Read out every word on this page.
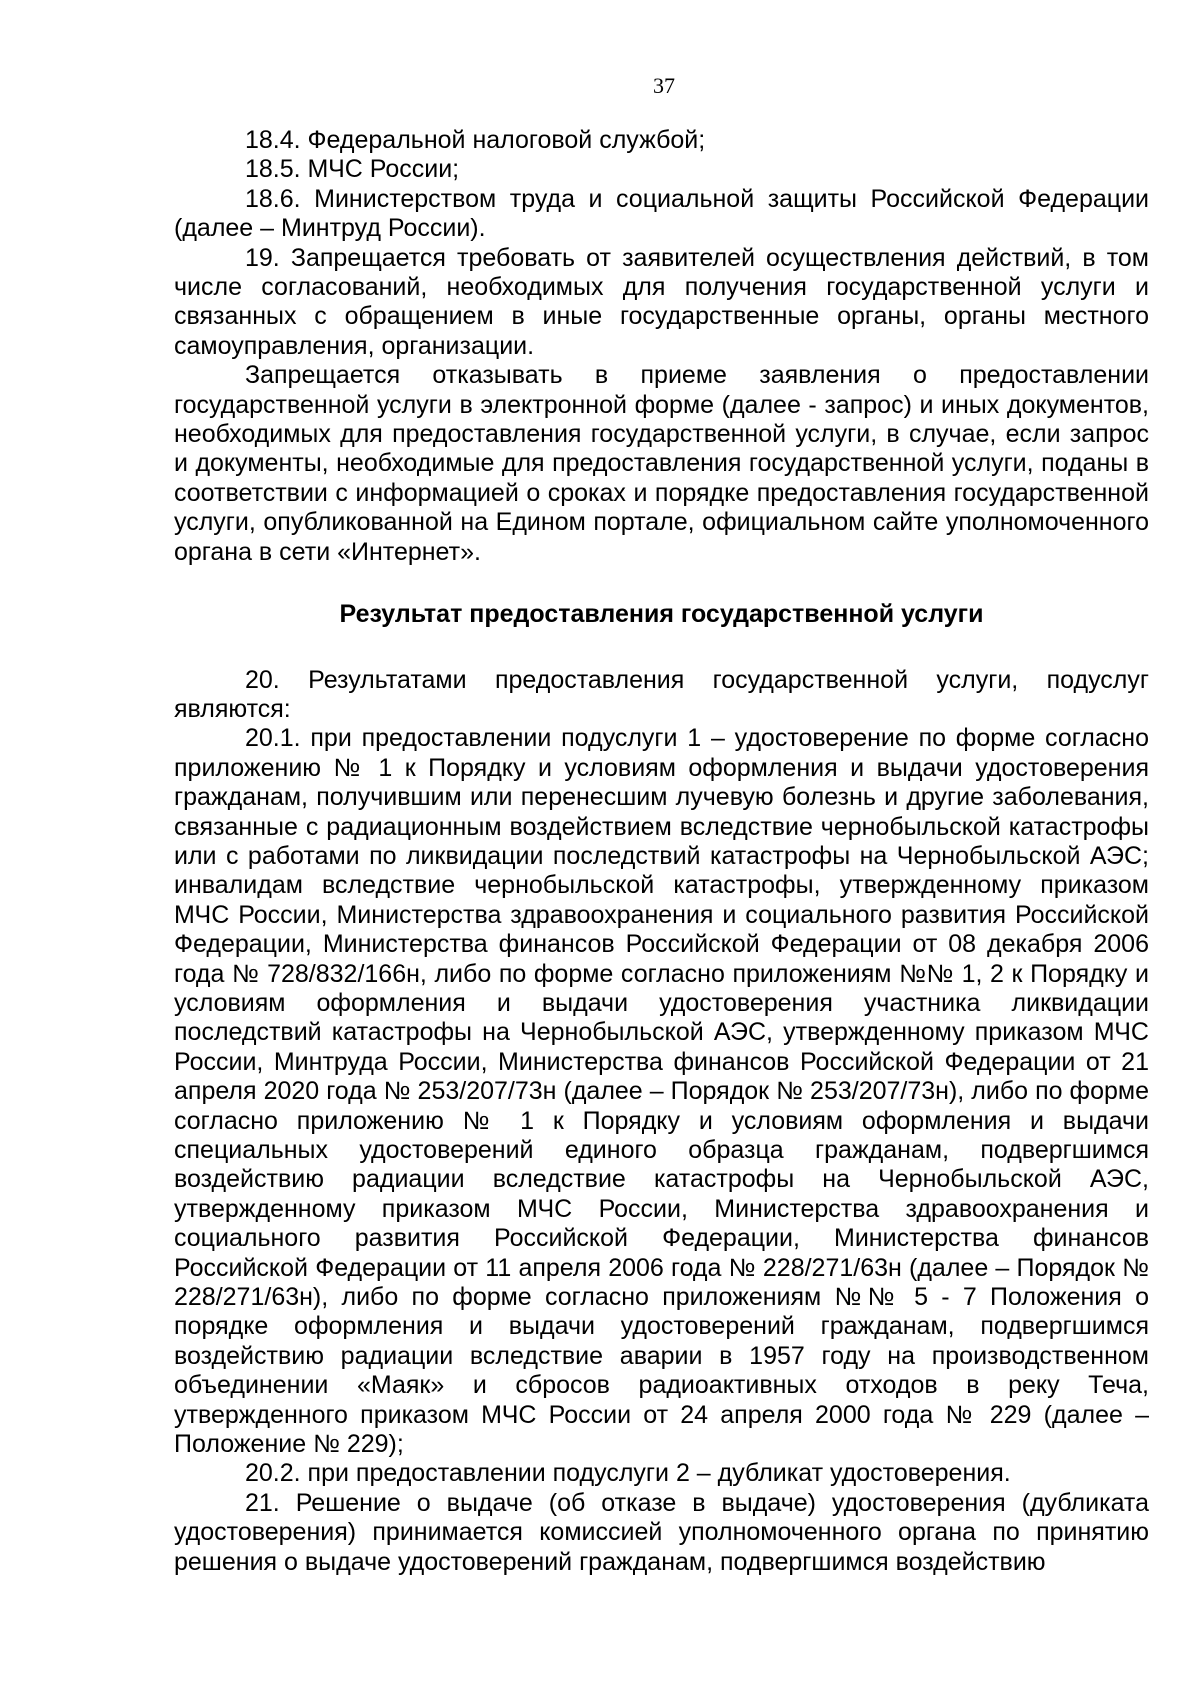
37

18.4. Федеральной налоговой службой;

18.5. МЧС России;

18.6. Министерством труда и социальной защиты Российской Федерации (далее – Минтруд России).

19. Запрещается требовать от заявителей осуществления действий, в том числе согласований, необходимых для получения государственной услуги и связанных с обращением в иные государственные органы, органы местного самоуправления, организации.

Запрещается отказывать в приеме заявления о предоставлении государственной услуги в электронной форме (далее - запрос) и иных документов, необходимых для предоставления государственной услуги, в случае, если запрос и документы, необходимые для предоставления государственной услуги, поданы в соответствии с информацией о сроках и порядке предоставления государственной услуги, опубликованной на Едином портале, официальном сайте уполномоченного органа в сети «Интернет».

Результат предоставления государственной услуги

20. Результатами предоставления государственной услуги, подуслуг являются:

20.1. при предоставлении подуслуги 1 – удостоверение по форме согласно приложению № 1 к Порядку и условиям оформления и выдачи удостоверения гражданам, получившим или перенесшим лучевую болезнь и другие заболевания, связанные с радиационным воздействием вследствие чернобыльской катастрофы или с работами по ликвидации последствий катастрофы на Чернобыльской АЭС; инвалидам вследствие чернобыльской катастрофы, утвержденному приказом МЧС России, Министерства здравоохранения и социального развития Российской Федерации, Министерства финансов Российской Федерации от 08 декабря 2006 года № 728/832/166н, либо по форме согласно приложениям №№ 1, 2 к Порядку и условиям оформления и выдачи удостоверения участника ликвидации последствий катастрофы на Чернобыльской АЭС, утвержденному приказом МЧС России, Минтруда России, Министерства финансов Российской Федерации от 21 апреля 2020 года № 253/207/73н (далее – Порядок № 253/207/73н), либо по форме согласно приложению № 1 к Порядку и условиям оформления и выдачи специальных удостоверений единого образца гражданам, подвергшимся воздействию радиации вследствие катастрофы на Чернобыльской АЭС, утвержденному приказом МЧС России, Министерства здравоохранения и социального развития Российской Федерации, Министерства финансов Российской Федерации от 11 апреля 2006 года № 228/271/63н (далее – Порядок № 228/271/63н), либо по форме согласно приложениям №№ 5 - 7 Положения о порядке оформления и выдачи удостоверений гражданам, подвергшимся воздействию радиации вследствие аварии в 1957 году на производственном объединении «Маяк» и сбросов радиоактивных отходов в реку Теча, утвержденного приказом МЧС России от 24 апреля 2000 года № 229 (далее – Положение № 229);

20.2. при предоставлении подуслуги 2 – дубликат удостоверения.

21. Решение о выдаче (об отказе в выдаче) удостоверения (дубликата удостоверения) принимается комиссией уполномоченного органа по принятию решения о выдаче удостоверений гражданам, подвергшимся воздействию
